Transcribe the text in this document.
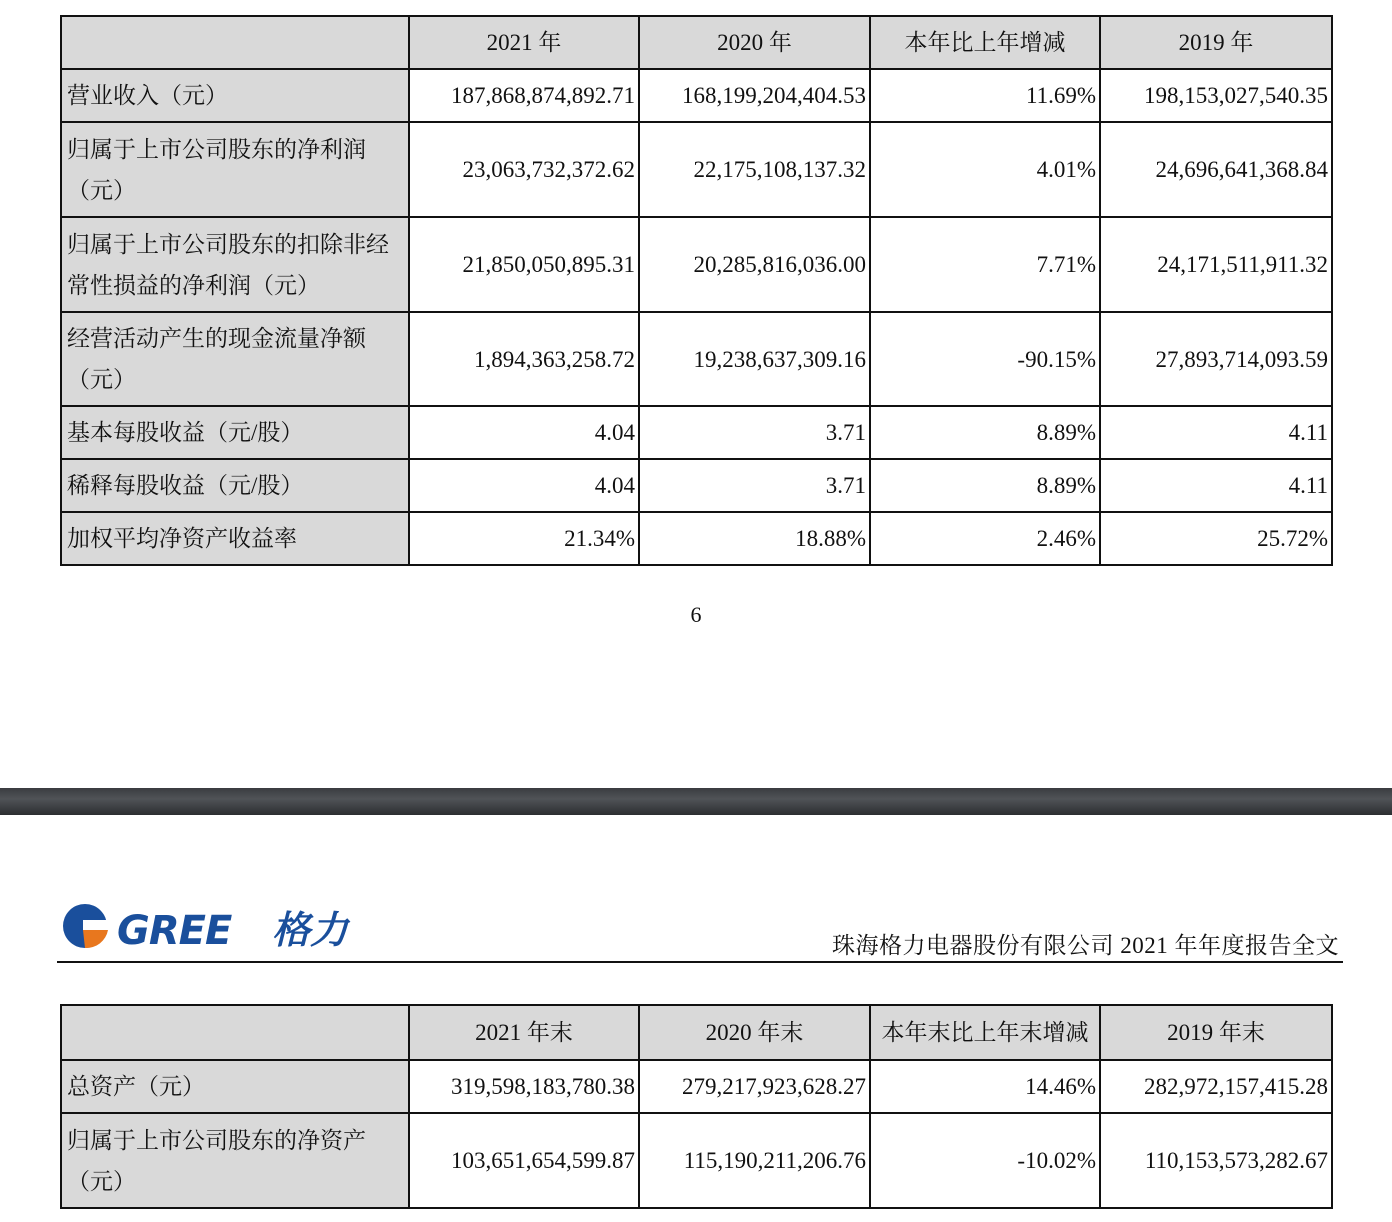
	2021 年	2020 年	本年比上年增减	2019 年
营业收入（元）	187,868,874,892.71	168,199,204,404.53	11.69%	198,153,027,540.35
归属于上市公司股东的净利润（元）	23,063,732,372.62	22,175,108,137.32	4.01%	24,696,641,368.84
归属于上市公司股东的扣除非经常性损益的净利润（元）	21,850,050,895.31	20,285,816,036.00	7.71%	24,171,511,911.32
经营活动产生的现金流量净额（元）	1,894,363,258.72	19,238,637,309.16	-90.15%	27,893,714,093.59
基本每股收益（元/股）	4.04	3.71	8.89%	4.11
稀释每股收益（元/股）	4.04	3.71	8.89%	4.11
加权平均净资产收益率	21.34%	18.88%	2.46%	25.72%
6
GREE 格力	珠海格力电器股份有限公司 2021 年年度报告全文
	2021 年末	2020 年末	本年末比上年末增减	2019 年末
总资产（元）	319,598,183,780.38	279,217,923,628.27	14.46%	282,972,157,415.28
归属于上市公司股东的净资产（元）	103,651,654,599.87	115,190,211,206.76	-10.02%	110,153,573,282.67
